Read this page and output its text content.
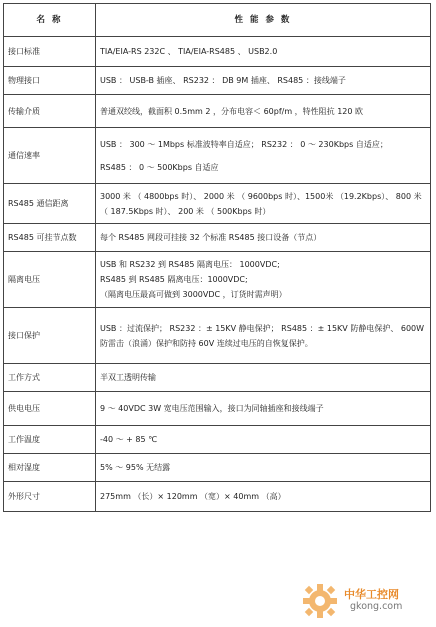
名 称	性 能 参 数
接口标准	TIA/EIA-RS 232C 、 TIA/EIA-RS485 、 USB2.0

物理接口	USB ： USB-B 插座、 RS232 ： DB 9M 插座、 RS485 ：接线端子

传输介质	普通双绞线，截面积 0.5mm 2 ，分布电容＜ 60pf/m ，特性阻抗 120 欧

通信速率	USB ： 300 ～ 1Mbps 标准波特率自适应； RS232 ： 0 ～ 230Kbps 自适应；
RS485 ： 0 ～ 500Kbps 自适应

RS485 通信距离	3000 米 （ 4800bps 时）、 2000 米 （ 9600bps 时）、1500米 （19.2Kbps）、 800 米 （ 187.5Kbps 时）、 200 米 （ 500Kbps 时）

RS485 可挂节点数	每个 RS485 网段可挂接 32 个标准 RS485 接口设备（节点）

隔离电压	USB 和 RS232 到 RS485 隔离电压： 1000VDC;
RS485 到 RS485 隔离电压：1000VDC;
（隔离电压最高可做到 3000VDC ，订货时需声明）

接口保护	USB ：过流保护； RS232 ：± 15KV 静电保护； RS485 ：± 15KV 防静电保护、 600W 防雷击（浪涌）保护和防持 60V 连续过电压的自恢复保护。

工作方式	半双工透明传输

供电电压	9 ～ 40VDC 3W 宽电压范围输入，接口为同轴插座和接线端子

工作温度	-40 ～ + 85 ℃

相对湿度	5% ～ 95% 无结露

外形尺寸	275mm （长）× 120mm （宽）× 40mm （高）
中华工控网
gkong.com
